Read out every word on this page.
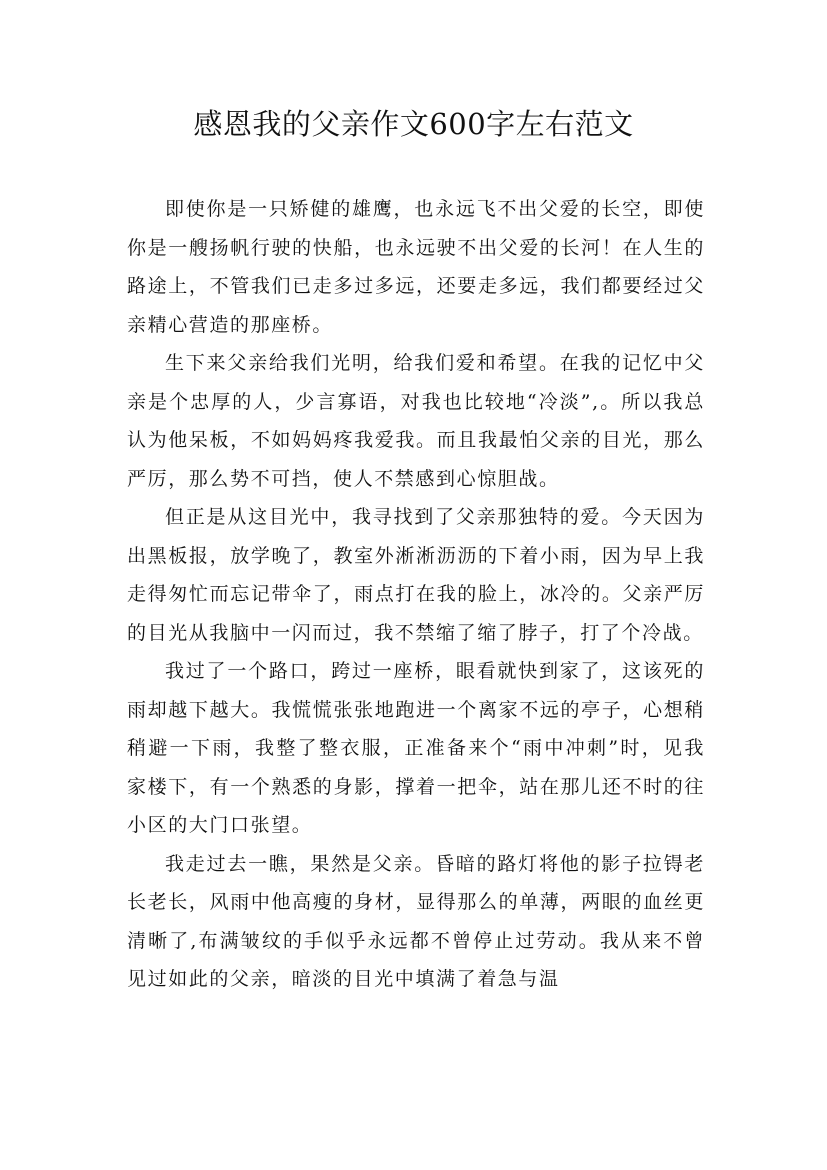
感恩我的父亲作文600字左右范文

即使你是一只矫健的雄鹰，也永远飞不出父爱的长空，即使你是一艘扬帆行驶的快船，也永远驶不出父爱的长河！在人生的路途上，不管我们已走多过多远，还要走多远，我们都要经过父亲精心营造的那座桥。

生下来父亲给我们光明，给我们爱和希望。在我的记忆中父亲是个忠厚的人，少言寡语，对我也比较地“冷淡”,。所以我总认为他呆板，不如妈妈疼我爱我。而且我最怕父亲的目光，那么严厉，那么势不可挡，使人不禁感到心惊胆战。

但正是从这目光中，我寻找到了父亲那独特的爱。今天因为出黑板报，放学晚了，教室外淅淅沥沥的下着小雨，因为早上我走得匆忙而忘记带伞了，雨点打在我的脸上，冰冷的。父亲严厉的目光从我脑中一闪而过，我不禁缩了缩了脖子，打了个冷战。

我过了一个路口，跨过一座桥，眼看就快到家了，这该死的雨却越下越大。我慌慌张张地跑进一个离家不远的亭子，心想稍稍避一下雨，我整了整衣服，正准备来个“雨中冲刺”时，见我家楼下，有一个熟悉的身影，撑着一把伞，站在那儿还不时的往小区的大门口张望。

我走过去一瞧，果然是父亲。昏暗的路灯将他的影子拉锝老长老长，风雨中他高瘦的身材，显得那么的单薄，两眼的血丝更清晰了,布满皱纹的手似乎永远都不曾停止过劳动。我从来不曾见过如此的父亲，暗淡的目光中填满了着急与温
